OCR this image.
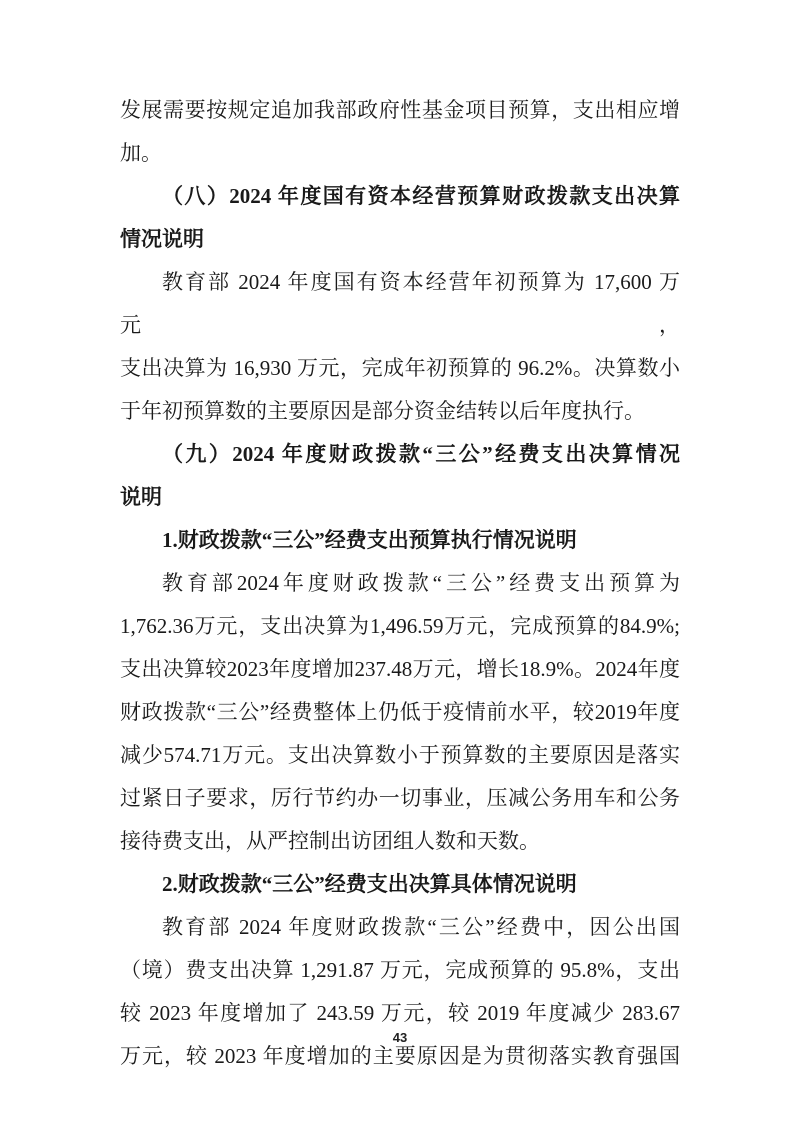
发展需要按规定追加我部政府性基金项目预算，支出相应增
加。
（八）2024 年度国有资本经营预算财政拨款支出决算
情况说明
教育部 2024 年度国有资本经营年初预算为 17,600 万元，
支出决算为 16,930 万元，完成年初预算的 96.2%。决算数小
于年初预算数的主要原因是部分资金结转以后年度执行。
（九）2024 年度财政拨款“三公”经费支出决算情况
说明
1.财政拨款“三公”经费支出预算执行情况说明
教育部2024年度财政拨款“三公”经费支出预算为
1,762.36万元，支出决算为1,496.59万元，完成预算的84.9%;
支出决算较2023年度增加237.48万元，增长18.9%。2024年度
财政拨款“三公”经费整体上仍低于疫情前水平，较2019年度
减少574.71万元。支出决算数小于预算数的主要原因是落实
过紧日子要求，厉行节约办一切事业，压减公务用车和公务
接待费支出，从严控制出访团组人数和天数。
2.财政拨款“三公”经费支出决算具体情况说明
教育部 2024 年度财政拨款“三公”经费中，因公出国
（境）费支出决算 1,291.87 万元，完成预算的 95.8%，支出
较 2023 年度增加了 243.59 万元，较 2019 年度减少 283.67
万元，较 2023 年度增加的主要原因是为贯彻落实教育强国
43
